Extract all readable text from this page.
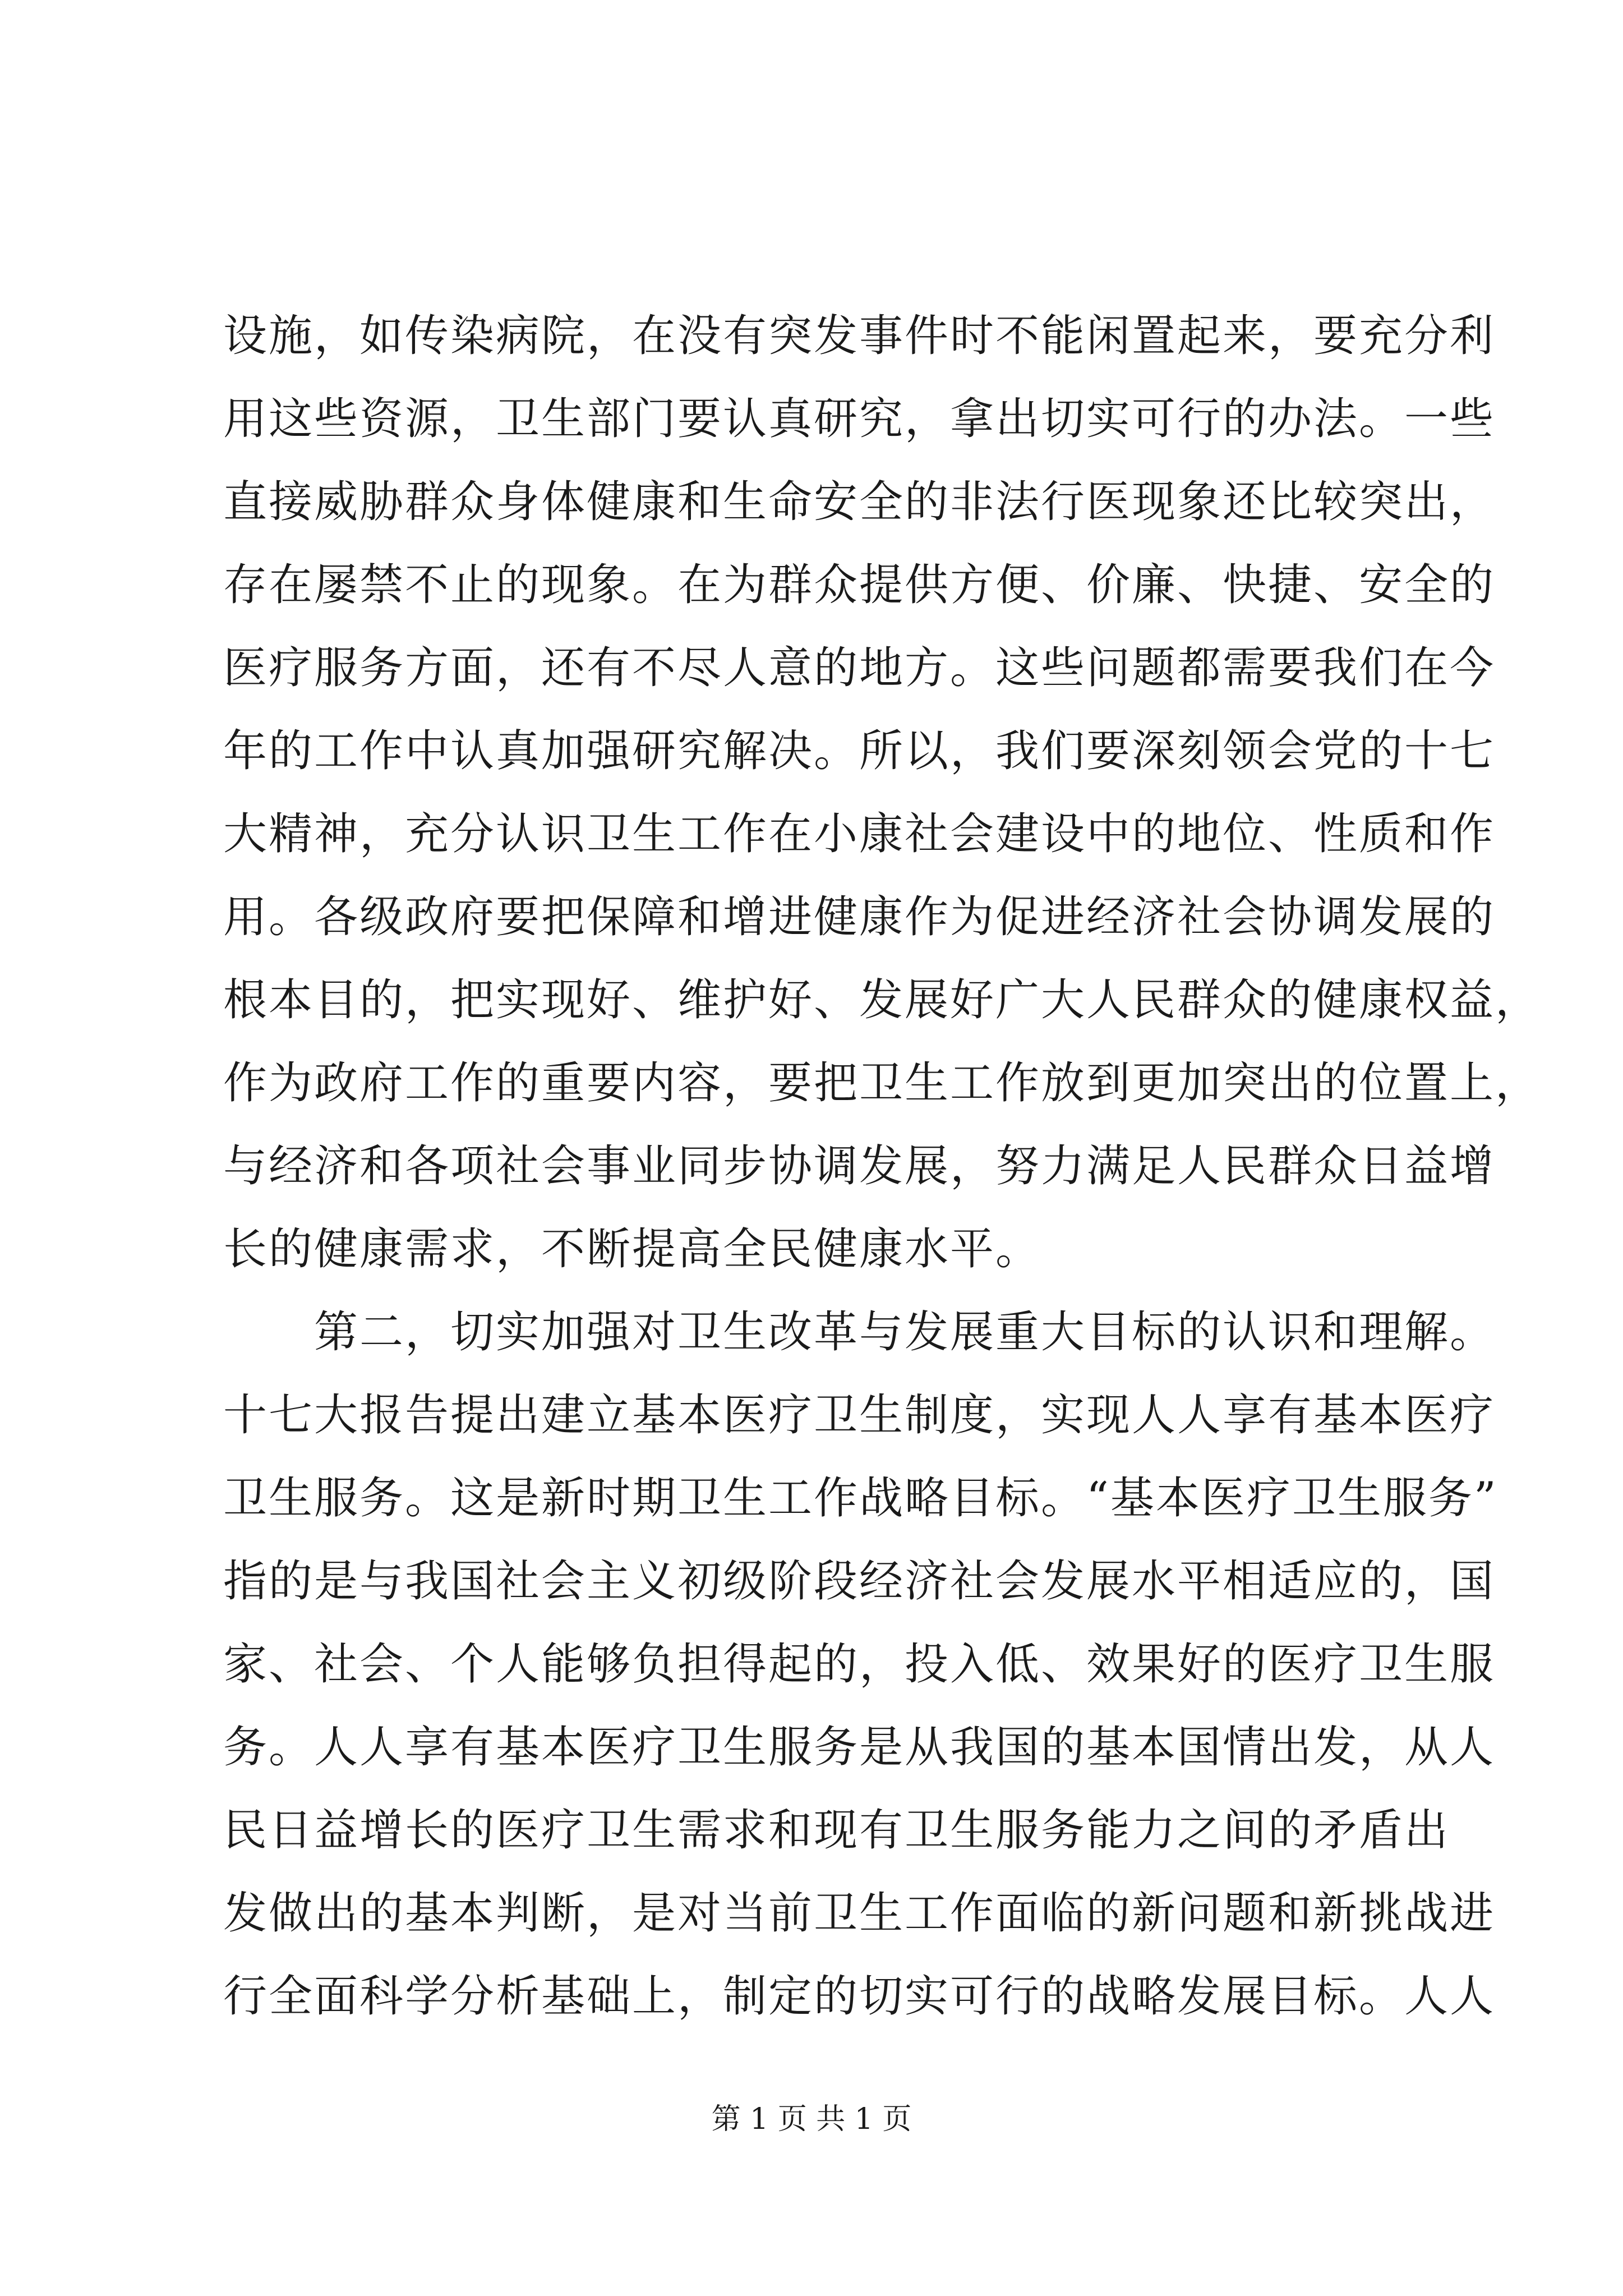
设施，如传染病院，在没有突发事件时不能闲置起来，要充分利
用这些资源，卫生部门要认真研究，拿出切实可行的办法。一些
直接威胁群众身体健康和生命安全的非法行医现象还比较突出，
存在屡禁不止的现象。在为群众提供方便、价廉、快捷、安全的
医疗服务方面，还有不尽人意的地方。这些问题都需要我们在今
年的工作中认真加强研究解决。所以，我们要深刻领会党的十七
大精神，充分认识卫生工作在小康社会建设中的地位、性质和作
用。各级政府要把保障和增进健康作为促进经济社会协调发展的
根本目的，把实现好、维护好、发展好广大人民群众的健康权益，
作为政府工作的重要内容，要把卫生工作放到更加突出的位置上，
与经济和各项社会事业同步协调发展，努力满足人民群众日益增
长的健康需求，不断提高全民健康水平。
　　第二，切实加强对卫生改革与发展重大目标的认识和理解。
十七大报告提出建立基本医疗卫生制度，实现人人享有基本医疗
卫生服务。这是新时期卫生工作战略目标。“基本医疗卫生服务”
指的是与我国社会主义初级阶段经济社会发展水平相适应的，国
家、社会、个人能够负担得起的，投入低、效果好的医疗卫生服
务。人人享有基本医疗卫生服务是从我国的基本国情出发，从人
民日益增长的医疗卫生需求和现有卫生服务能力之间的矛盾出
发做出的基本判断，是对当前卫生工作面临的新问题和新挑战进
行全面科学分析基础上，制定的切实可行的战略发展目标。人人
第 1 页 共 1 页
